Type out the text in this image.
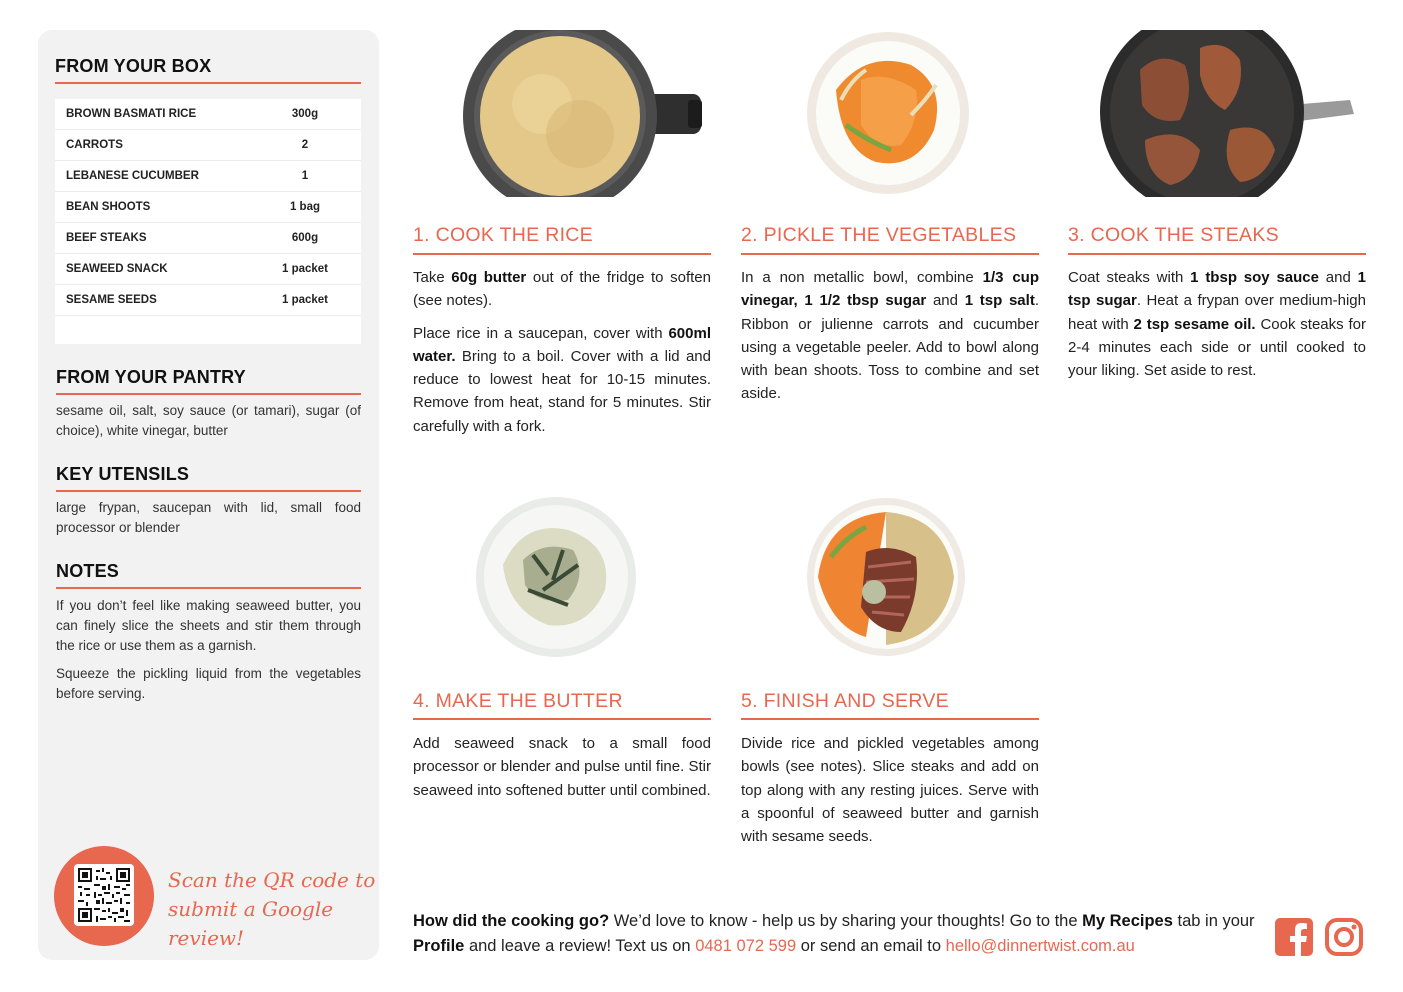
FROM YOUR BOX
BROWN BASMATI RICE	300g
CARROTS	2
LEBANESE CUCUMBER	1
BEAN SHOOTS	1 bag
BEEF STEAKS	600g
SEAWEED SNACK	1 packet
SESAME SEEDS	1 packet
FROM YOUR PANTRY
sesame oil, salt, soy sauce (or tamari), sugar (of choice), white vinegar, butter
KEY UTENSILS
large frypan, saucepan with lid, small food processor or blender
NOTES
If you don’t feel like making seaweed butter, you can finely slice the sheets and stir them through the rice or use them as a garnish.
Squeeze the pickling liquid from the vegetables before serving.
Scan the QR code to
submit a Google review!
1. COOK THE RICE

Take 60g butter out of the fridge to soften (see notes).

Place rice in a saucepan, cover with 600ml water. Bring to a boil. Cover with a lid and reduce to lowest heat for 10-15 minutes. Remove from heat, stand for 5 minutes. Stir carefully with a fork.

2. PICKLE THE VEGETABLES

In a non metallic bowl, combine 1/3 cup vinegar, 1 1/2 tbsp sugar and 1 tsp salt. Ribbon or julienne carrots and cucumber using a vegetable peeler. Add to bowl along with bean shoots. Toss to combine and set aside.

3. COOK THE STEAKS

Coat steaks with 1 tbsp soy sauce and 1 tsp sugar. Heat a frypan over medium-high heat with 2 tsp sesame oil. Cook steaks for 2-4 minutes each side or until cooked to your liking. Set aside to rest.

4. MAKE THE BUTTER

Add seaweed snack to a small food processor or blender and pulse until fine. Stir seaweed into softened butter until combined.

5. FINISH AND SERVE

Divide rice and pickled vegetables among bowls (see notes). Slice steaks and add on top along with any resting juices. Serve with a spoonful of seaweed butter and garnish with sesame seeds.

How did the cooking go? We’d love to know - help us by sharing your thoughts! Go to the My Recipes tab in your Profile and leave a review! Text us on 0481 072 599 or send an email to hello@dinnertwist.com.au
